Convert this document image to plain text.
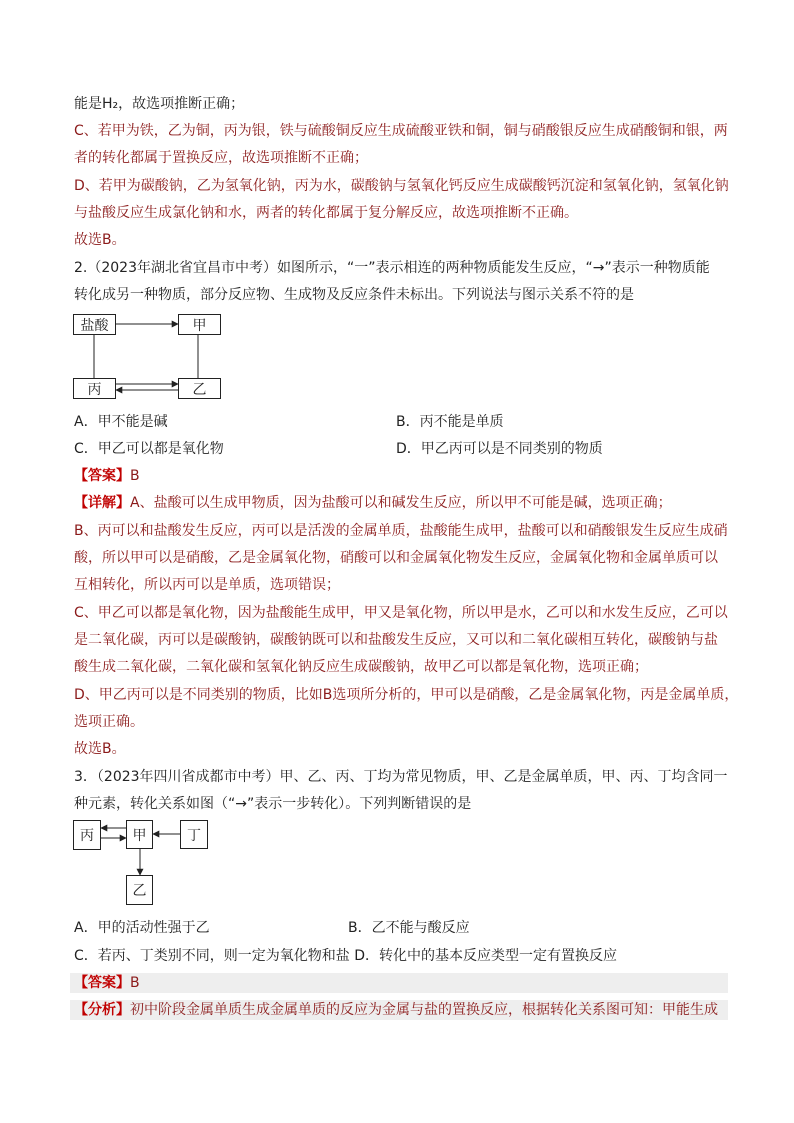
能是H₂，故选项推断正确；
C、若甲为铁，乙为铜，丙为银，铁与硫酸铜反应生成硫酸亚铁和铜，铜与硝酸银反应生成硝酸铜和银，两
者的转化都属于置换反应，故选项推断不正确；
D、若甲为碳酸钠，乙为氢氧化钠，丙为水，碳酸钠与氢氧化钙反应生成碳酸钙沉淀和氢氧化钠，氢氧化钠
与盐酸反应生成氯化钠和水，两者的转化都属于复分解反应，故选项推断不正确。
故选B。
2.（2023年湖北省宜昌市中考）如图所示，“一”表示相连的两种物质能发生反应，“→”表示一种物质能
转化成另一种物质，部分反应物、生成物及反应条件未标出。下列说法与图示关系不符的是
盐酸	甲
丙	乙
A．甲不能是碱	B．丙不能是单质
C．甲乙可以都是氧化物	D．甲乙丙可以是不同类别的物质
【答案】B
【详解】A、盐酸可以生成甲物质，因为盐酸可以和碱发生反应，所以甲不可能是碱，选项正确；
B、丙可以和盐酸发生反应，丙可以是活泼的金属单质，盐酸能生成甲，盐酸可以和硝酸银发生反应生成硝
酸，所以甲可以是硝酸，乙是金属氧化物，硝酸可以和金属氧化物发生反应，金属氧化物和金属单质可以
互相转化，所以丙可以是单质，选项错误；
C、甲乙可以都是氧化物，因为盐酸能生成甲，甲又是氧化物，所以甲是水，乙可以和水发生反应，乙可以
是二氧化碳，丙可以是碳酸钠，碳酸钠既可以和盐酸发生反应，又可以和二氧化碳相互转化，碳酸钠与盐
酸生成二氧化碳，二氧化碳和氢氧化钠反应生成碳酸钠，故甲乙可以都是氧化物，选项正确；
D、甲乙丙可以是不同类别的物质，比如B选项所分析的，甲可以是硝酸，乙是金属氧化物，丙是金属单质，
选项正确。
故选B。
3．（2023年四川省成都市中考）甲、乙、丙、丁均为常见物质，甲、乙是金属单质，甲、丙、丁均含同一
种元素，转化关系如图（“→”表示一步转化）。下列判断错误的是
丙	甲	丁
乙
A．甲的活动性强于乙	B．乙不能与酸反应
C．若丙、丁类别不同，则一定为氧化物和盐 D．转化中的基本反应类型一定有置换反应
【答案】B
【分析】初中阶段金属单质生成金属单质的反应为金属与盐的置换反应，根据转化关系图可知：甲能生成
